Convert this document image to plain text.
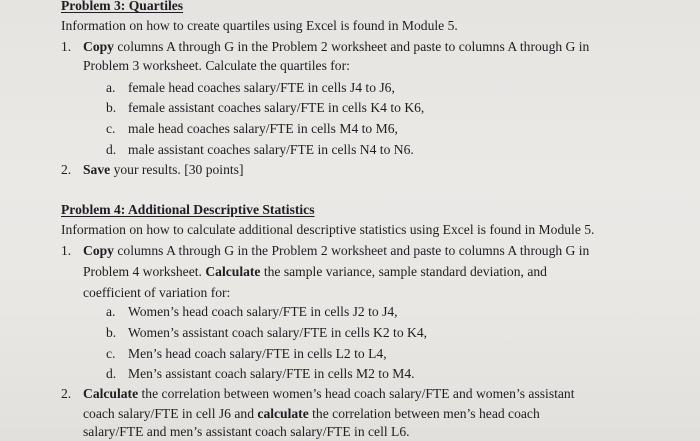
Problem 3: Quartiles
Information on how to create quartiles using Excel is found in Module 5.
1. Copy columns A through G in the Problem 2 worksheet and paste to columns A through G in
Problem 3 worksheet. Calculate the quartiles for:
a. female head coaches salary/FTE in cells J4 to J6,
b. female assistant coaches salary/FTE in cells K4 to K6,
c. male head coaches salary/FTE in cells M4 to M6,
d. male assistant coaches salary/FTE in cells N4 to N6.
2. Save your results. [30 points]
Problem 4: Additional Descriptive Statistics
Information on how to calculate additional descriptive statistics using Excel is found in Module 5.
1. Copy columns A through G in the Problem 2 worksheet and paste to columns A through G in
Problem 4 worksheet. Calculate the sample variance, sample standard deviation, and
coefficient of variation for:
a. Women’s head coach salary/FTE in cells J2 to J4,
b. Women’s assistant coach salary/FTE in cells K2 to K4,
c. Men’s head coach salary/FTE in cells L2 to L4,
d. Men’s assistant coach salary/FTE in cells M2 to M4.
2. Calculate the correlation between women’s head coach salary/FTE and women’s assistant
coach salary/FTE in cell J6 and calculate the correlation between men’s head coach
salary/FTE and men’s assistant coach salary/FTE in cell L6.
